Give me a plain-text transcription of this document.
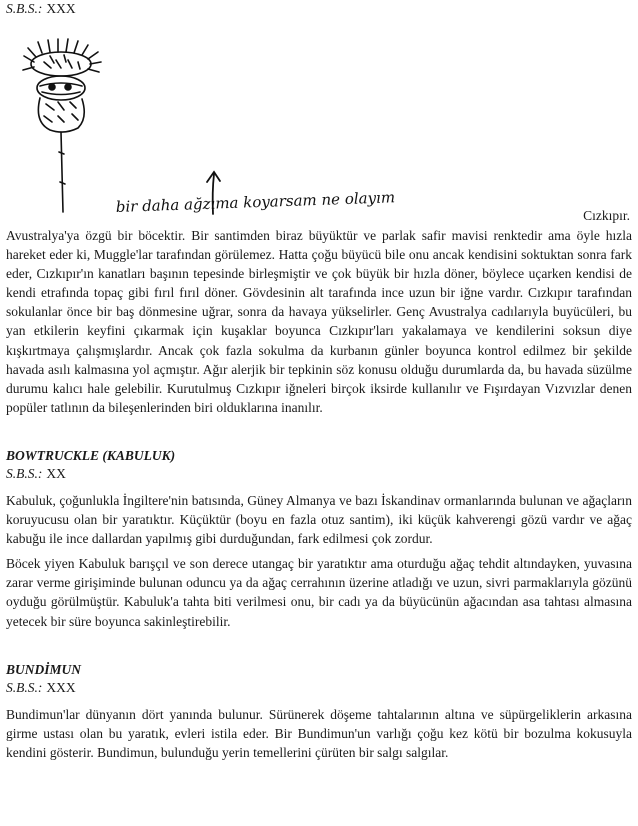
S.B.S.: XXX

bir daha ağzıma koyarsam ne olayım	Cızkıpır.

Avustralya'ya özgü bir böcektir. Bir santimden biraz büyüktür ve parlak safir mavisi renktedir ama öyle hızla hareket eder ki, Muggle'lar tarafından görülemez. Hatta çoğu büyücü bile onu ancak kendisini soktuktan sonra fark eder, Cızkıpır'ın kanatları başının tepesinde birleşmiştir ve çok büyük bir hızla döner, böylece uçarken kendisi de kendi etrafında topaç gibi fırıl fırıl döner. Gövdesinin alt tarafında ince uzun bir iğne vardır. Cızkıpır tarafından sokulanlar önce bir baş dönmesine uğrar, sonra da havaya yükselirler. Genç Avustralya cadılarıyla buyücüleri, bu yan etkilerin keyfini çıkarmak için kuşaklar boyunca Cızkıpır'ları yakalamaya ve kendilerini soksun diye kışkırtmaya çalışmışlardır. Ancak çok fazla sokulma da kurbanın günler boyunca kontrol edilmez bir şekilde havada asılı kalmasına yol açmıştır. Ağır alerjik bir tepkinin söz konusu olduğu durumlarda da, bu havada süzülme durumu kalıcı hale gelebilir. Kurutulmuş Cızkıpır iğneleri birçok iksirde kullanılır ve Fışırdayan Vızvızlar denen popüler tatlının da bileşenlerinden biri olduklarına inanılır.

BOWTRUCKLE (KABULUK)

S.B.S.: XX

Kabuluk, çoğunlukla İngiltere'nin batısında, Güney Almanya ve bazı İskandinav ormanlarında bulunan ve ağaçların koruyucusu olan bir yaratıktır. Küçüktür (boyu en fazla otuz santim), iki küçük kahverengi gözü vardır ve ağaç kabuğu ile ince dallardan yapılmış gibi durduğundan, fark edilmesi çok zordur.

Böcek yiyen Kabuluk barışçıl ve son derece utangaç bir yaratıktır ama oturduğu ağaç tehdit altındayken, yuvasına zarar verme girişiminde bulunan oduncu ya da ağaç cerrahının üzerine atladığı ve uzun, sivri parmaklarıyla gözünü oyduğu görülmüştür. Kabuluk'a tahta biti verilmesi onu, bir cadı ya da büyücünün ağacından asa tahtası almasına yetecek bir süre boyunca sakinleştirebilir.

BUNDİMUN

S.B.S.: XXX

Bundimun'lar dünyanın dört yanında bulunur. Sürünerek döşeme tahtalarının altına ve süpürgeliklerin arkasına girme ustası olan bu yaratık, evleri istila eder. Bir Bundimun'un varlığı çoğu kez kötü bir bozulma kokusuyla kendini gösterir. Bundimun, bulunduğu yerin temellerini çürüten bir salgı salgılar.
